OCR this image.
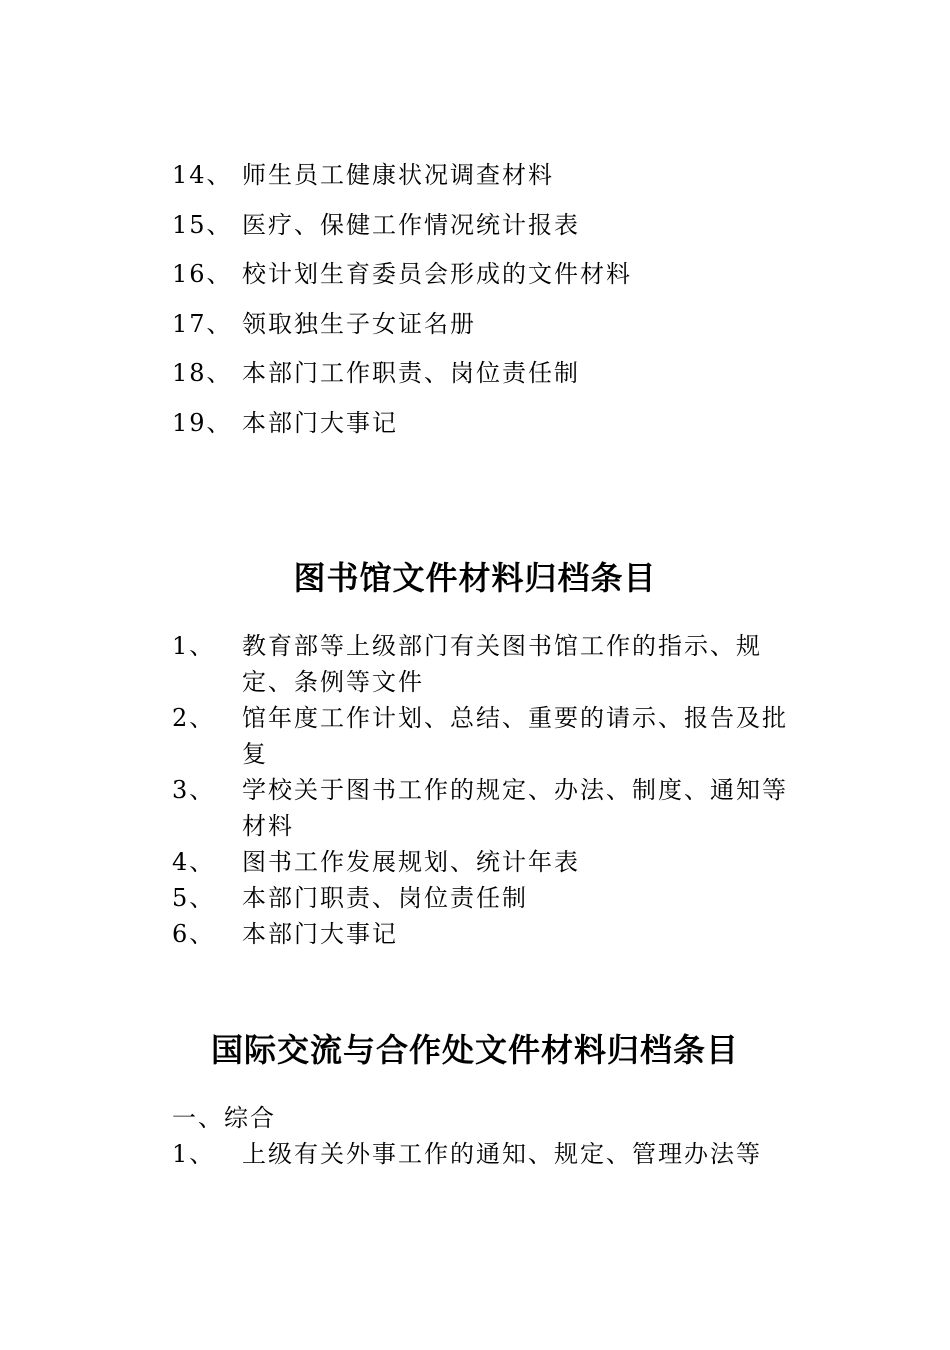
14、 师生员工健康状况调查材料
15、 医疗、保健工作情况统计报表
16、 校计划生育委员会形成的文件材料
17、 领取独生子女证名册
18、 本部门工作职责、岗位责任制
19、 本部门大事记
图书馆文件材料归档条目
1、	教育部等上级部门有关图书馆工作的指示、规定、条例等文件
2、	馆年度工作计划、总结、重要的请示、报告及批复
3、	学校关于图书工作的规定、办法、制度、通知等材料
4、	图书工作发展规划、统计年表
5、	本部门职责、岗位责任制
6、	本部门大事记
国际交流与合作处文件材料归档条目
一、综合
1、	上级有关外事工作的通知、规定、管理办法等
